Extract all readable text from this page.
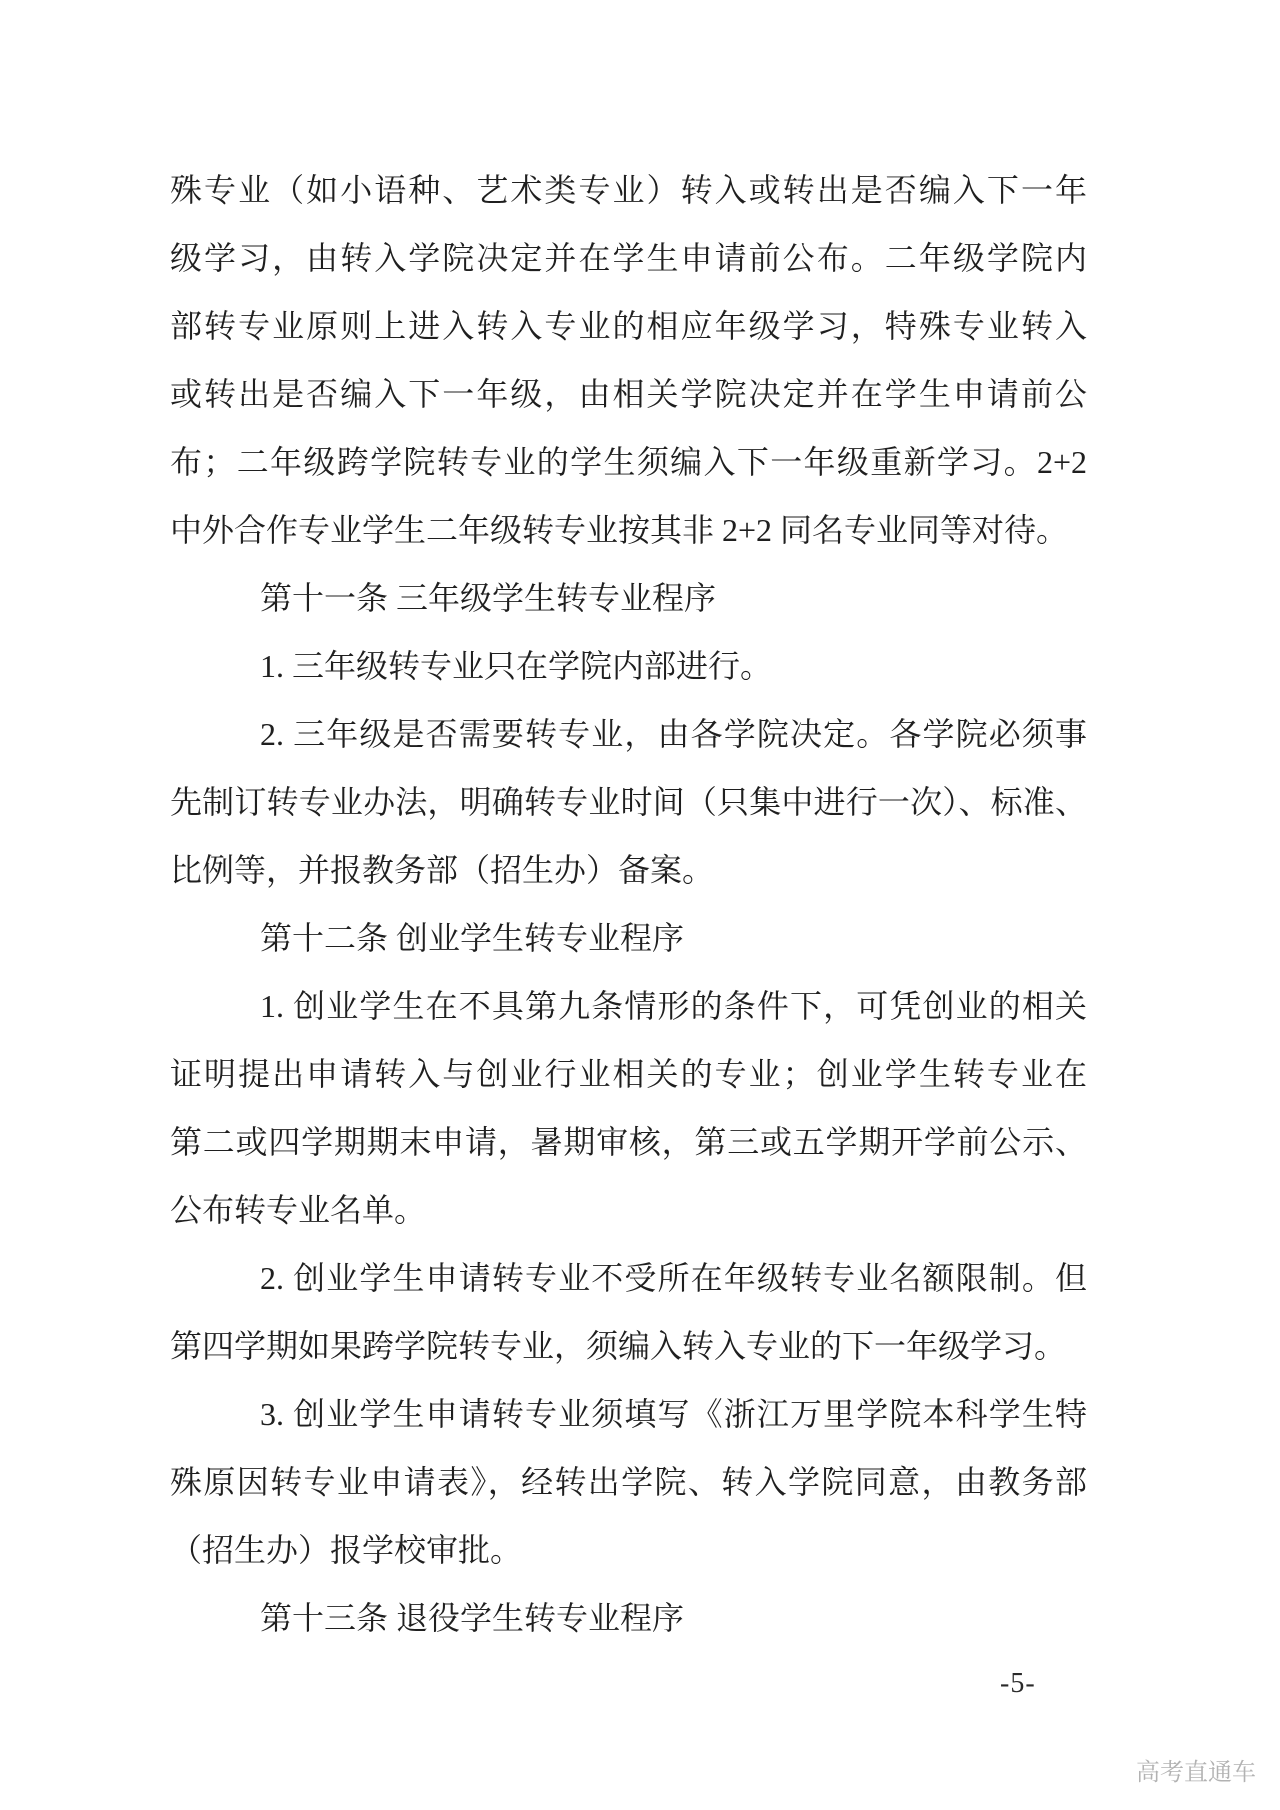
殊专业（如小语种、艺术类专业）转入或转出是否编入下一年
级学习，由转入学院决定并在学生申请前公布。二年级学院内
部转专业原则上进入转入专业的相应年级学习，特殊专业转入
或转出是否编入下一年级，由相关学院决定并在学生申请前公
布；二年级跨学院转专业的学生须编入下一年级重新学习。2+2
中外合作专业学生二年级转专业按其非 2+2 同名专业同等对待。
第十一条 三年级学生转专业程序
1. 三年级转专业只在学院内部进行。
2. 三年级是否需要转专业，由各学院决定。各学院必须事
先制订转专业办法，明确转专业时间（只集中进行一次）、标准、
比例等，并报教务部（招生办）备案。
第十二条 创业学生转专业程序
1. 创业学生在不具第九条情形的条件下，可凭创业的相关
证明提出申请转入与创业行业相关的专业；创业学生转专业在
第二或四学期期末申请，暑期审核，第三或五学期开学前公示、
公布转专业名单。
2. 创业学生申请转专业不受所在年级转专业名额限制。但
第四学期如果跨学院转专业，须编入转入专业的下一年级学习。
3. 创业学生申请转专业须填写《浙江万里学院本科学生特
殊原因转专业申请表》，经转出学院、转入学院同意，由教务部
（招生办）报学校审批。
第十三条 退役学生转专业程序
-5-
高考直通车
